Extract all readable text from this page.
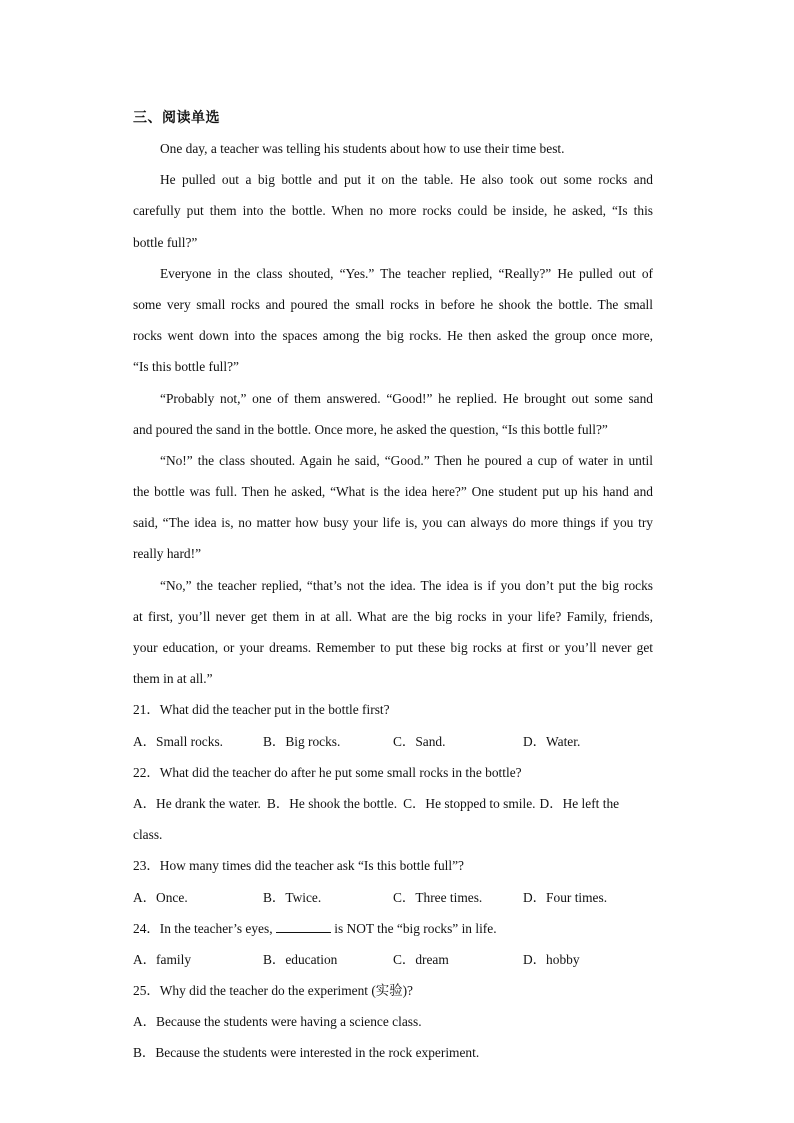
三、阅读单选
One day, a teacher was telling his students about how to use their time best.
He pulled out a big bottle and put it on the table. He also took out some rocks and
carefully put them into the bottle. When no more rocks could be inside, he asked, “Is this
bottle full?”
Everyone in the class shouted, “Yes.” The teacher replied, “Really?” He pulled out of
some very small rocks and poured the small rocks in before he shook the bottle. The small
rocks went down into the spaces among the big rocks. He then asked the group once more,
“Is this bottle full?”
“Probably not,” one of them answered. “Good!” he replied. He brought out some sand
and poured the sand in the bottle. Once more, he asked the question, “Is this bottle full?”
“No!” the class shouted. Again he said, “Good.” Then he poured a cup of water in until
the bottle was full. Then he asked, “What is the idea here?” One student put up his hand and
said, “The idea is, no matter how busy your life is, you can always do more things if you try
really hard!”
“No,” the teacher replied, “that’s not the idea. The idea is if you don’t put the big rocks
at first, you’ll never get them in at all. What are the big rocks in your life? Family, friends,
your education, or your dreams. Remember to put these big rocks at first or you’ll never get
them in at all.”
21．What did the teacher put in the bottle first?
A．Small rocks.	B．Big rocks.	C．Sand.	D．Water.
22．What did the teacher do after he put some small rocks in the bottle?
A．He drank the water. B．He shook the bottle. C．He stopped to smile. D．He left the
class.
23．How many times did the teacher ask “Is this bottle full”?
A．Once.	B．Twice.	C．Three times.	D．Four times.
24．In the teacher’s eyes,	is NOT the “big rocks” in life.
A．family	B．education	C．dream	D．hobby
25．Why did the teacher do the experiment (实验)?
A．Because the students were having a science class.
B．Because the students were interested in the rock experiment.
